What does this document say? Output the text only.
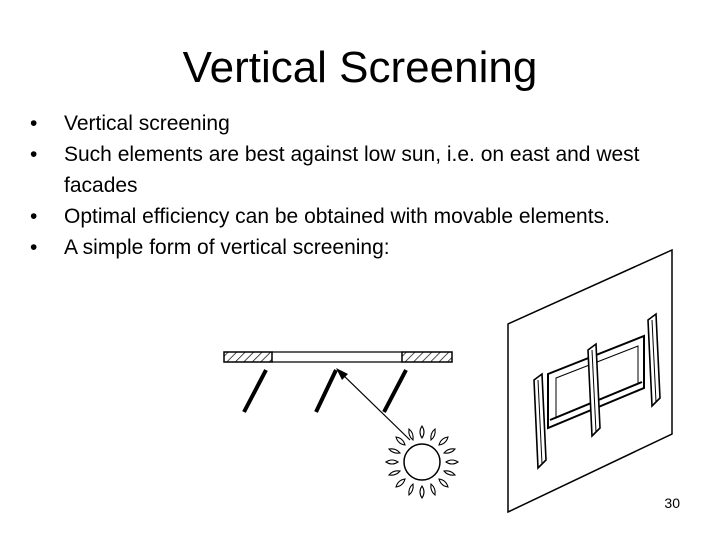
Vertical Screening
•	Vertical screening
•	Such elements are best against low sun, i.e. on east and west facades
•	Optimal efficiency can be obtained with movable elements.
•	A simple form of vertical screening:
30
